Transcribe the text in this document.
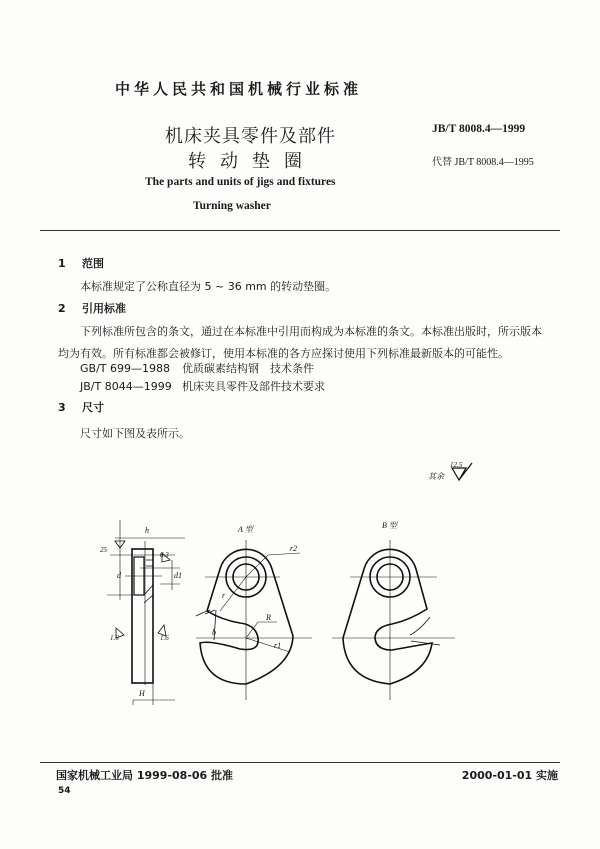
中华人民共和国机械行业标准
机床夹具零件及部件
转动垫圈
The parts and units of jigs and fixtures
Turning washer
JB/T 8008.4—1999
代替 JB/T 8008.4—1995
1 范围
本标准规定了公称直径为 5 ~ 36 mm 的转动垫圈。
2 引用标准
下列标准所包含的条文，通过在本标准中引用而构成为本标准的条文。本标准出版时，所示版本
均为有效。所有标准都会被修订，使用本标准的各方应探讨使用下列标准最新版本的可能性。
GB/T 699—1988 优质碳素结构钢　技术条件
JB/T 8044—1999 机床夹具零件及部件技术要求
3 尺寸
尺寸如下图及表所示。
其余
12.5
h
d	d1
H
25
6.3
1.6	1.6
A 型
r2
r
R
b
r1
B 型
国家机械工业局 1999-08-06 批准	2000-01-01 实施
54
